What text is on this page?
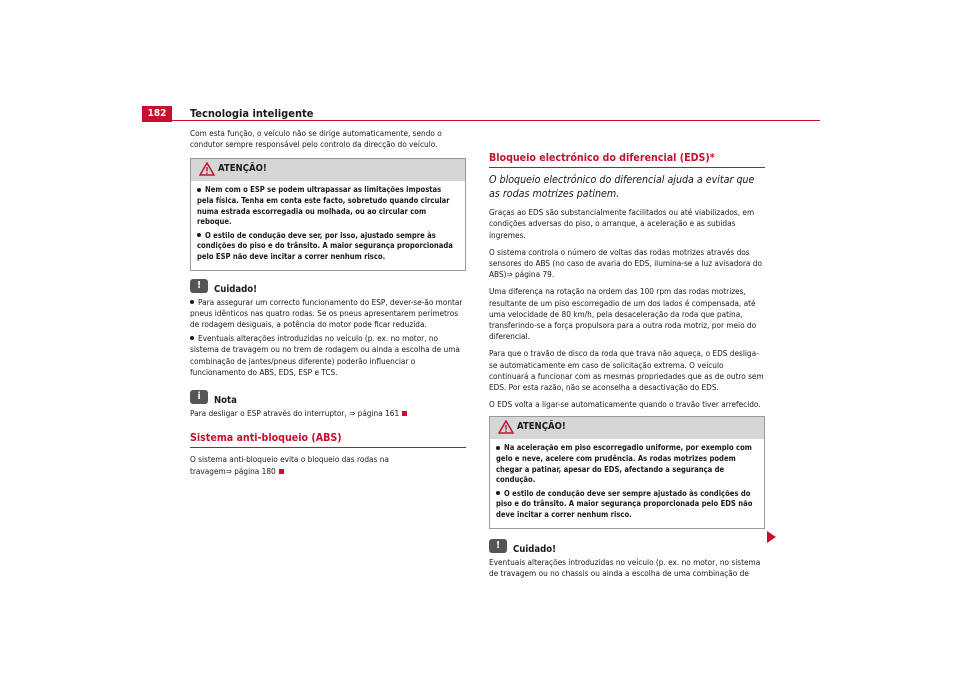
182	Tecnologia inteligente

Com esta função, o veículo não se dirige automaticamente, sendo o condutor sempre responsável pelo controlo da direcção do veículo.

ATENÇÃO!
Nem com o ESP se podem ultrapassar as limitações impostas pela física. Tenha em conta este facto, sobretudo quando circular numa estrada escorregadia ou molhada, ou ao circular com reboque.
O estilo de condução deve ser, por isso, ajustado sempre às condições do piso e do trânsito. A maior segurança proporcionada pelo ESP não deve incitar a correr nenhum risco.
!	Cuidado!
Para assegurar um correcto funcionamento do ESP, dever-se-ão montar pneus idênticos nas quatro rodas. Se os pneus apresentarem perímetros de rodagem desiguais, a potência do motor pode ficar reduzida.
Eventuais alterações introduzidas no veículo (p. ex. no motor, no sistema de travagem ou no trem de rodagem ou ainda a escolha de uma combinação de jantes/pneus diferente) poderão influenciar o funcionamento do ABS, EDS, ESP e TCS.
i	Nota

Para desligar o ESP através do interruptor, ⇒ página 161

Sistema anti-bloqueio (ABS)

O sistema anti-bloqueio evita o bloqueio das rodas na travagem⇒ página 180

Bloqueio electrónico do diferencial (EDS)*

O bloqueio electrónico do diferencial ajuda a evitar que as rodas motrizes patinem.

Graças ao EDS são substancialmente facilitados ou até viabilizados, em condições adversas do piso, o arranque, a aceleração e as subidas íngremes.

O sistema controla o número de voltas das rodas motrizes através dos sensores do ABS (no caso de avaria do EDS, ilumina-se a luz avisadora do ABS)⇒ página 79.

Uma diferença na rotação na ordem das 100 rpm das rodas motrizes, resultante de um piso escorregadio de um dos lados é compensada, até uma velocidade de 80 km/h, pela desaceleração da roda que patina, transferindo-se a força propulsora para a outra roda motriz, por meio do diferencial.

Para que o travão de disco da roda que trava não aqueça, o EDS desliga-se automaticamente em caso de solicitação extrema. O veículo continuará a funcionar com as mesmas propriedades que as de outro sem EDS. Por esta razão, não se aconselha a desactivação do EDS.

O EDS volta a ligar-se automaticamente quando o travão tiver arrefecido.

ATENÇÃO!
Na aceleração em piso escorregadio uniforme, por exemplo com gelo e neve, acelere com prudência. As rodas motrizes podem chegar a patinar, apesar do EDS, afectando a segurança de condução.
O estilo de condução deve ser sempre ajustado às condições do piso e do trânsito. A maior segurança proporcionada pelo EDS não deve incitar a correr nenhum risco.
!	Cuidado!

Eventuais alterações introduzidas no veículo (p. ex. no motor, no sistema de travagem ou no chassis ou ainda a escolha de uma combinação de
